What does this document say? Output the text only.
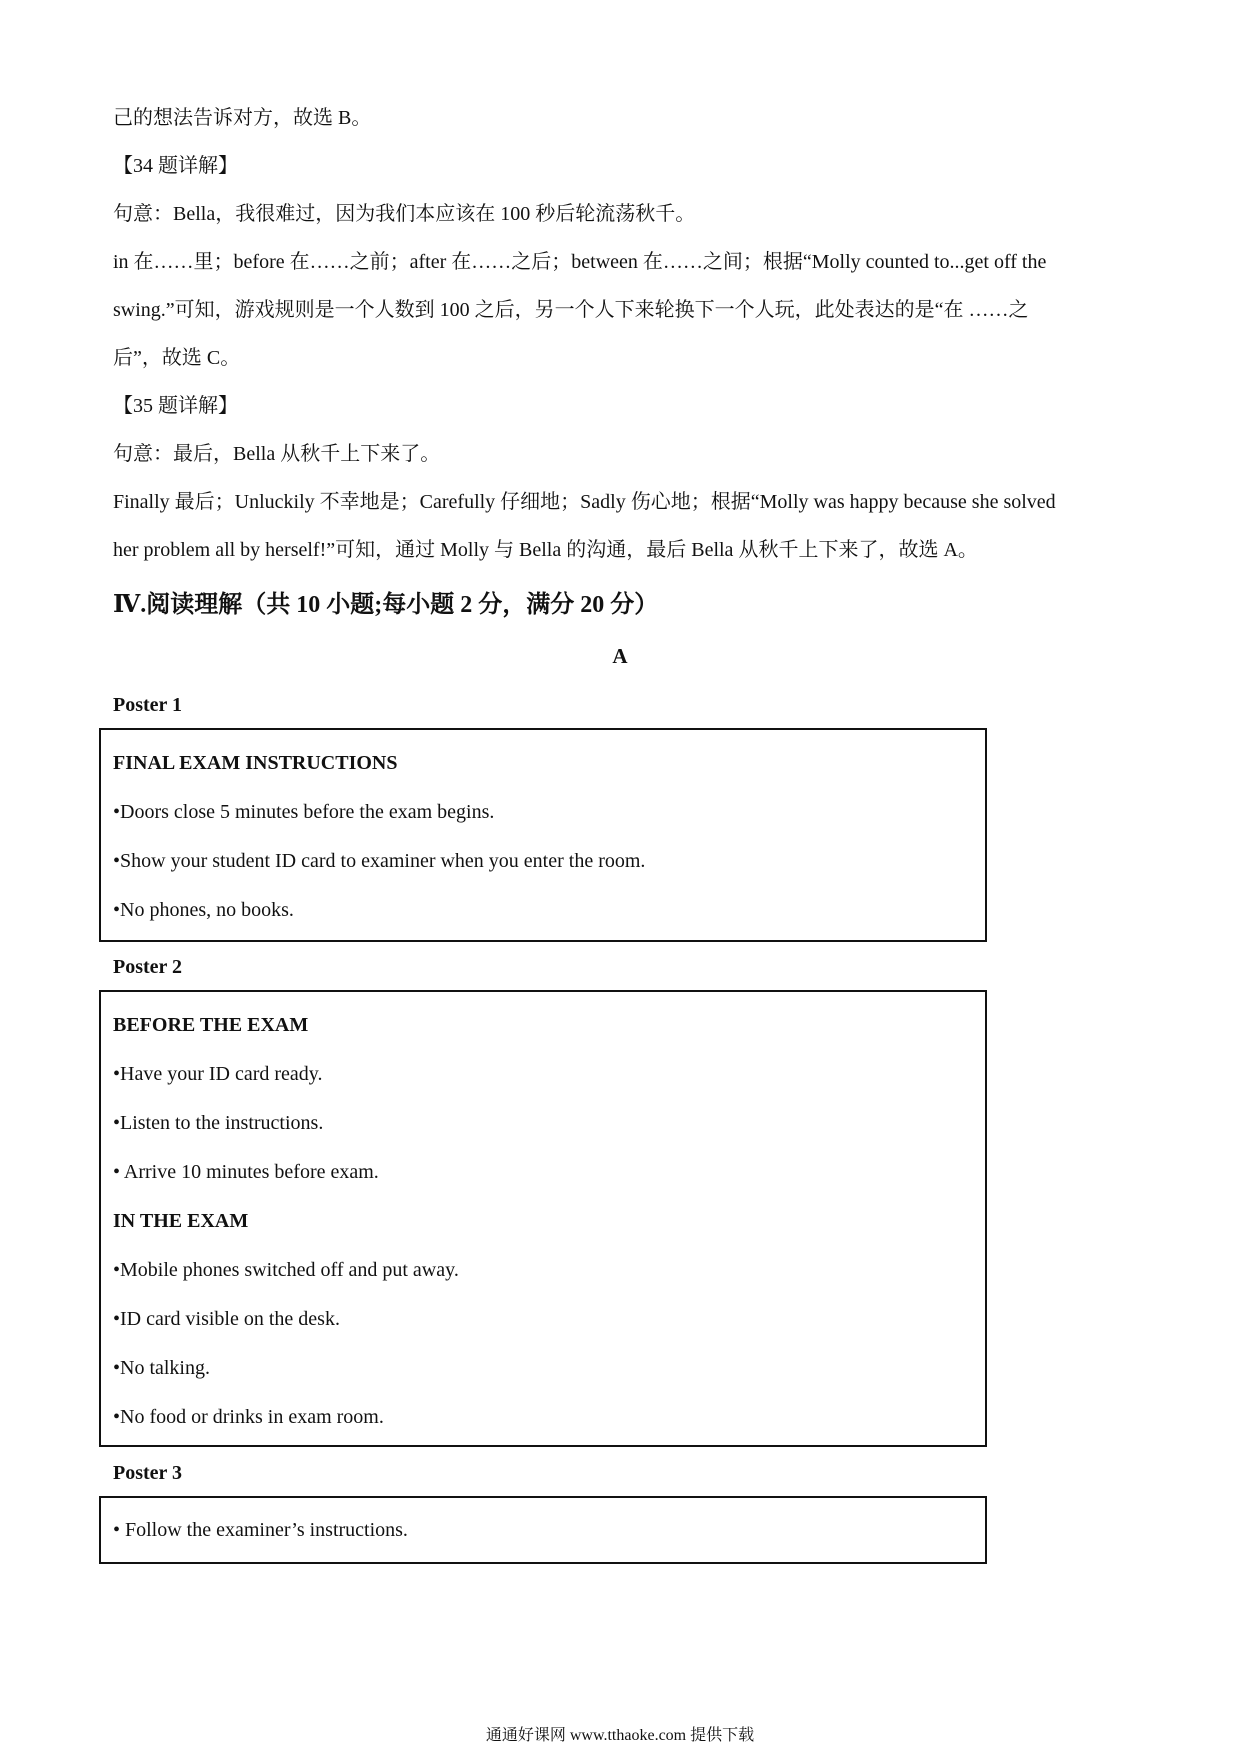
己的想法告诉对方，故选 B。

【34 题详解】

句意：Bella，我很难过，因为我们本应该在 100 秒后轮流荡秋千。

in 在……里；before 在……之前；after 在……之后；between 在……之间；根据“Molly counted to...get off the

swing.”可知，游戏规则是一个人数到 100 之后，另一个人下来轮换下一个人玩，此处表达的是“在 ……之

后”，故选 C。

【35 题详解】

句意：最后，Bella 从秋千上下来了。

Finally 最后；Unluckily 不幸地是；Carefully 仔细地；Sadly 伤心地；根据“Molly was happy because she solved

her problem all by herself!”可知，通过 Molly 与 Bella 的沟通，最后 Bella 从秋千上下来了，故选 A。

Ⅳ.阅读理解（共 10 小题;每小题 2 分，满分 20 分）

A
Poster 1
FINAL EXAM INSTRUCTIONS
•Doors close 5 minutes before the exam begins.
•Show your student ID card to examiner when you enter the room.
•No phones, no books.
Poster 2
BEFORE THE EXAM
•Have your ID card ready.
•Listen to the instructions.
• Arrive 10 minutes before exam.
IN THE EXAM
•Mobile phones switched off and put away.
•ID card visible on the desk.
•No talking.
•No food or drinks in exam room.
Poster 3
• Follow the examiner’s instructions.
通通好课网 www.tthaoke.com 提供下载
